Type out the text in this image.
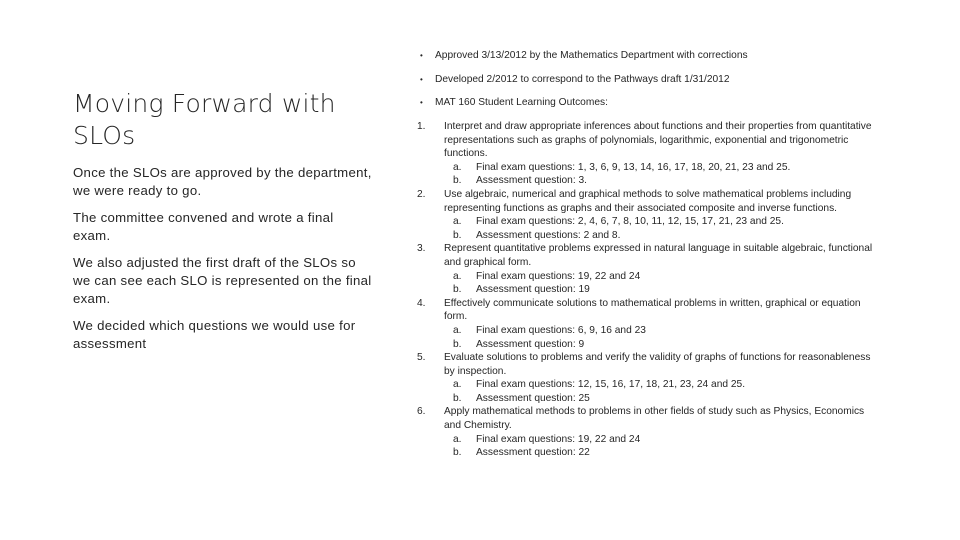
Moving Forward with SLOs

Once the SLOs are approved by the department, we were ready to go.

The committee convened and wrote a final exam.

We also adjusted the first draft of the SLOs so we can see each SLO is represented on the final exam.

We decided which questions we would use for assessment

• Approved 3/13/2012 by the Mathematics Department with corrections
• Developed 2/2012 to correspond to the Pathways draft 1/31/2012
• MAT 160 Student Learning Outcomes:
1. Interpret and draw appropriate inferences about functions and their properties from quantitative representations such as graphs of polynomials, logarithmic, exponential and trigonometric functions.
a. Final exam questions: 1, 3, 6, 9, 13, 14, 16, 17, 18, 20, 21, 23 and 25.
b. Assessment question: 3.
2. Use algebraic, numerical and graphical methods to solve mathematical problems including representing functions as graphs and their associated composite and inverse functions.
a. Final exam questions: 2, 4, 6, 7, 8, 10, 11, 12, 15, 17, 21, 23 and 25.
b. Assessment questions: 2 and 8.
3. Represent quantitative problems expressed in natural language in suitable algebraic, functional and graphical form.
a. Final exam questions: 19, 22 and 24
b. Assessment question: 19
4. Effectively communicate solutions to mathematical problems in written, graphical or equation form.
a. Final exam questions: 6, 9, 16 and 23
b. Assessment question: 9
5. Evaluate solutions to problems and verify the validity of graphs of functions for reasonableness by inspection.
a. Final exam questions: 12, 15, 16, 17, 18, 21, 23, 24 and 25.
b. Assessment question: 25
6. Apply mathematical methods to problems in other fields of study such as Physics, Economics and Chemistry.
a. Final exam questions: 19, 22 and 24
b. Assessment question: 22
